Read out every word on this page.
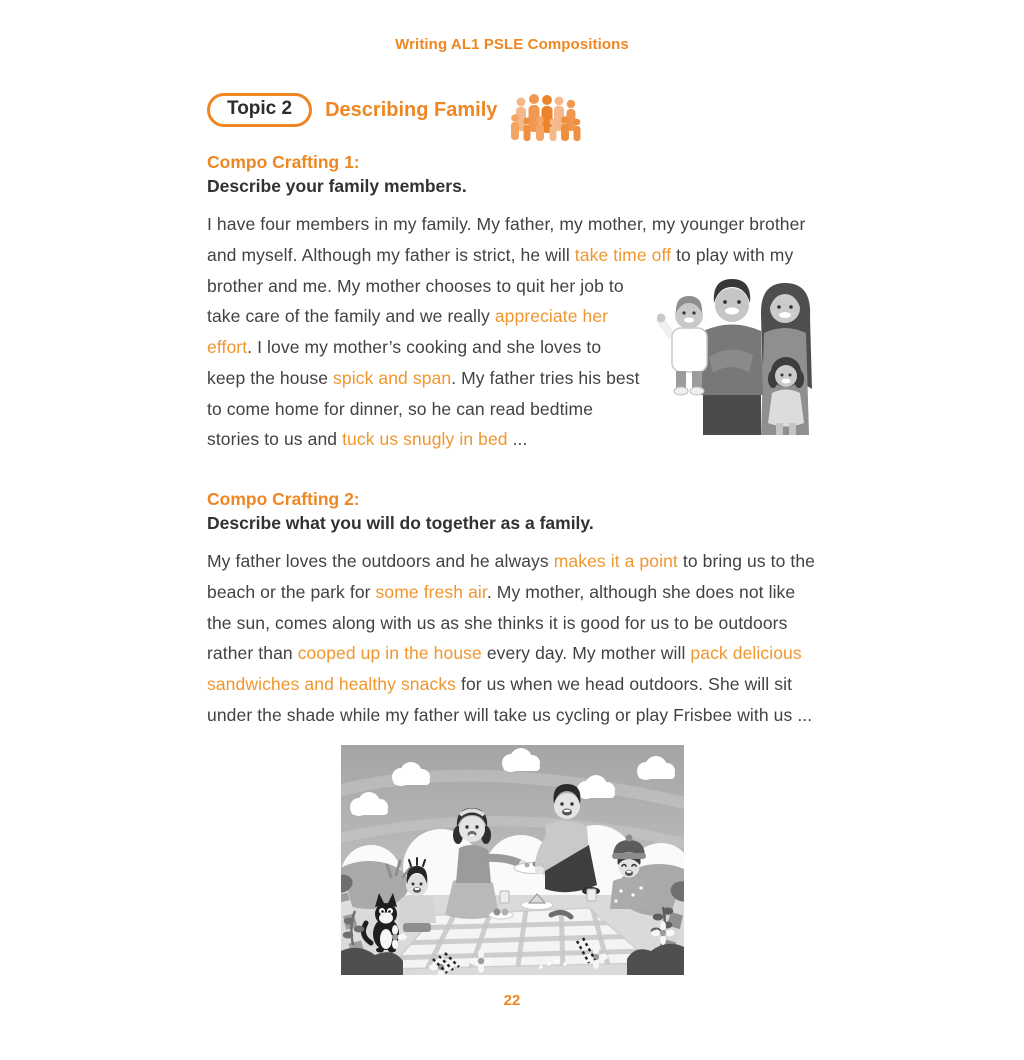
Writing AL1 PSLE Compositions
Topic 2	Describing Family
Compo Crafting 1:
Describe your family members.

I have four members in my family. My father, my mother, my younger brother and myself. Although my father is strict, he will take time off to play with my brother and me. My mother chooses to quit her job to take care of the family and we really appreciate her effort. I love my mother’s cooking and she loves to keep the house spick and span. My father tries his best to come home for dinner, so he can read bedtime stories to us and tuck us snugly in bed ...

Compo Crafting 2:
Describe what you will do together as a family.

My father loves the outdoors and he always makes it a point to bring us to the beach or the park for some fresh air. My mother, although she does not like the sun, comes along with us as she thinks it is good for us to be outdoors rather than cooped up in the house every day. My mother will pack delicious sandwiches and healthy snacks for us when we head outdoors. She will sit under the shade while my father will take us cycling or play Frisbee with us ...

22
